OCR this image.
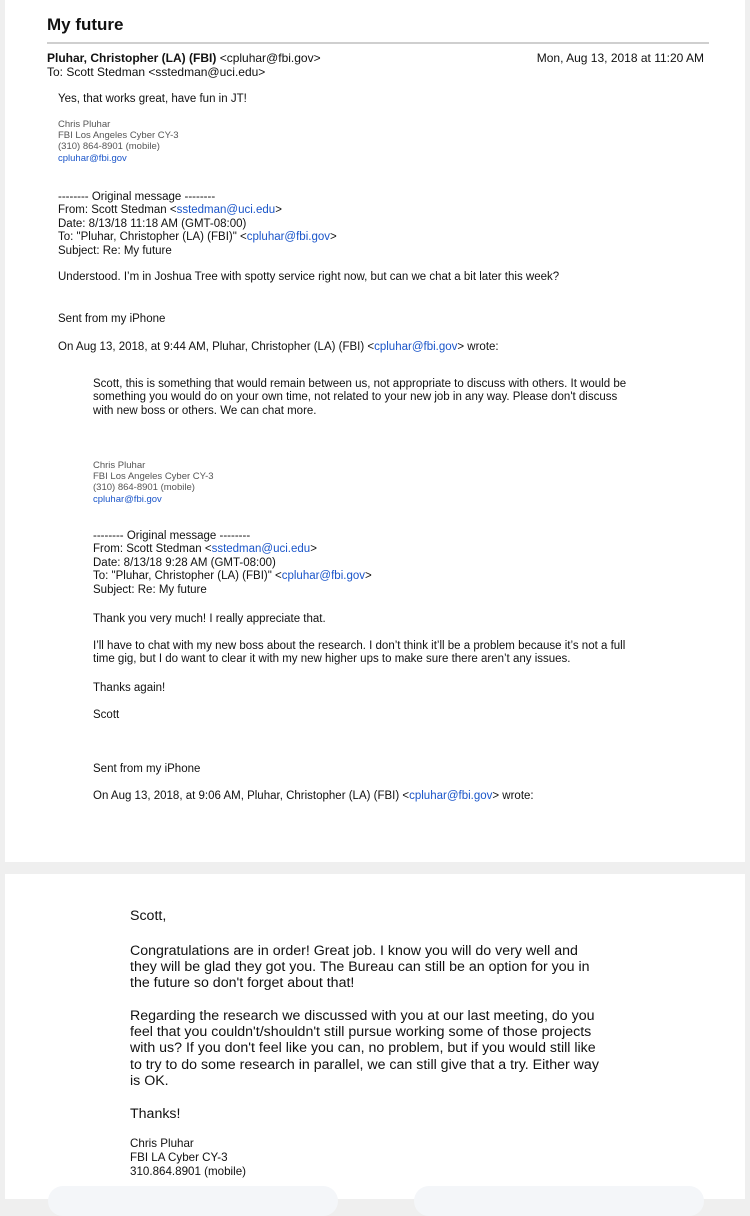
My future
Pluhar, Christopher (LA) (FBI) <cpluhar@fbi.gov>
To: Scott Stedman <sstedman@uci.edu>
Mon, Aug 13, 2018 at 11:20 AM
Yes, that works great, have fun in JT!
Chris Pluhar
FBI Los Angeles Cyber CY-3
(310) 864-8901 (mobile)
cpluhar@fbi.gov
-------- Original message --------
From: Scott Stedman <sstedman@uci.edu>
Date: 8/13/18 11:18 AM (GMT-08:00)
To: "Pluhar, Christopher (LA) (FBI)" <cpluhar@fbi.gov>
Subject: Re: My future
Understood. I’m in Joshua Tree with spotty service right now, but can we chat a bit later this week?
Sent from my iPhone
On Aug 13, 2018, at 9:44 AM, Pluhar, Christopher (LA) (FBI) <cpluhar@fbi.gov> wrote:
Scott, this is something that would remain between us, not appropriate to discuss with others. It would be
something you would do on your own time, not related to your new job in any way. Please don't discuss
with new boss or others. We can chat more.
Chris Pluhar
FBI Los Angeles Cyber CY-3
(310) 864-8901 (mobile)
cpluhar@fbi.gov
-------- Original message --------
From: Scott Stedman <sstedman@uci.edu>
Date: 8/13/18 9:28 AM (GMT-08:00)
To: "Pluhar, Christopher (LA) (FBI)" <cpluhar@fbi.gov>
Subject: Re: My future
Thank you very much! I really appreciate that.
I’ll have to chat with my new boss about the research. I don’t think it’ll be a problem because it’s not a full
time gig, but I do want to clear it with my new higher ups to make sure there aren’t any issues.
Thanks again!
Scott
Sent from my iPhone
On Aug 13, 2018, at 9:06 AM, Pluhar, Christopher (LA) (FBI) <cpluhar@fbi.gov> wrote:
Scott,
Congratulations are in order! Great job. I know you will do very well and
they will be glad they got you. The Bureau can still be an option for you in
the future so don't forget about that!
Regarding the research we discussed with you at our last meeting, do you
feel that you couldn't/shouldn't still pursue working some of those projects
with us? If you don't feel like you can, no problem, but if you would still like
to try to do some research in parallel, we can still give that a try. Either way
is OK.
Thanks!
Chris Pluhar
FBI LA Cyber CY-3
310.864.8901 (mobile)
